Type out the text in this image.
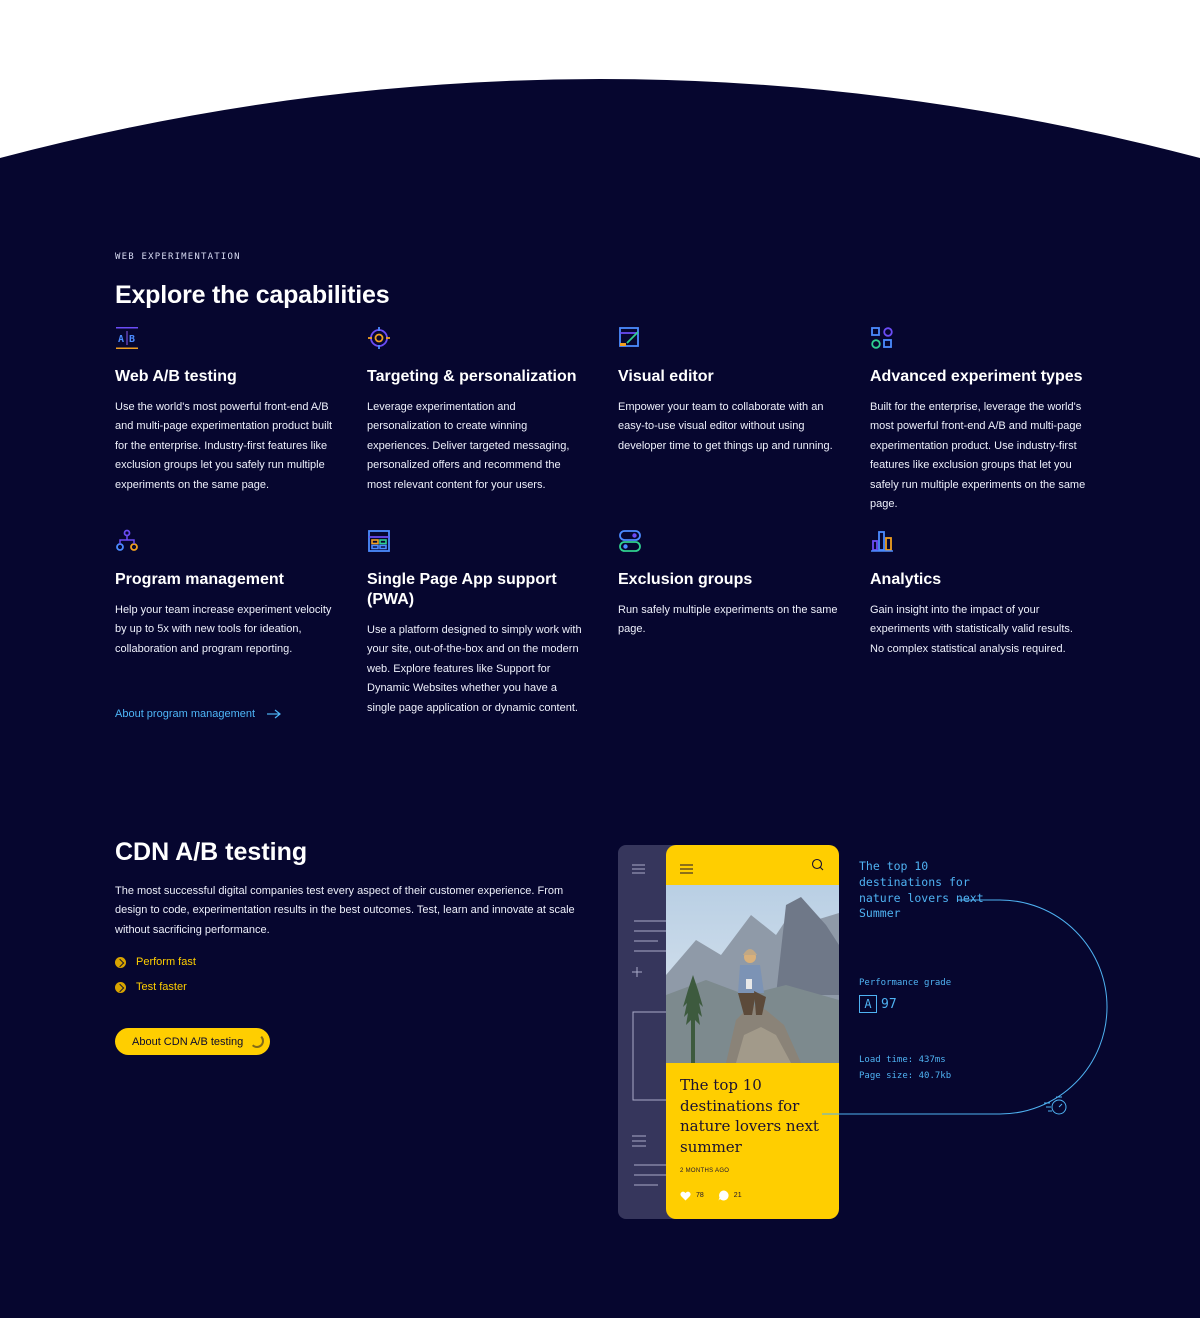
WEB EXPERIMENTATION
Explore the capabilities
A B
Web A/B testing

Use the world's most powerful front-end A/B and multi-page experimentation product built for the enterprise. Industry-first features like exclusion groups let you safely run multiple experiments on the same page.

Targeting & personalization

Leverage experimentation and personalization to create winning experiences. Deliver targeted messaging, personalized offers and recommend the most relevant content for your users.

Visual editor

Empower your team to collaborate with an easy-to-use visual editor without using developer time to get things up and running.

Advanced experiment types

Built for the enterprise, leverage the world's most powerful front-end A/B and multi-page experimentation product. Use industry-first features like exclusion groups that let you safely run multiple experiments on the same page.

Program management

Help your team increase experiment velocity by up to 5x with new tools for ideation, collaboration and program reporting.

Single Page App support (PWA)

Use a platform designed to simply work with your site, out-of-the-box and on the modern web. Explore features like Support for Dynamic Websites whether you have a single page application or dynamic content.

Exclusion groups

Run safely multiple experiments on the same page.

Analytics

Gain insight into the impact of your experiments with statistically valid results. No complex statistical analysis required.

About program management
CDN A/B testing

The most successful digital companies test every aspect of their customer experience. From design to code, experimentation results in the best outcomes. Test, learn and innovate at scale without sacrificing performance.

Perform fast
Test faster
About CDN A/B testing
The top 10 destinations for nature lovers next summer
2 MONTHS AGO
78	21
The top 10 destinations for nature lovers next Summer
Performance grade
A 97
Load time: 437ms
Page size: 40.7kb
